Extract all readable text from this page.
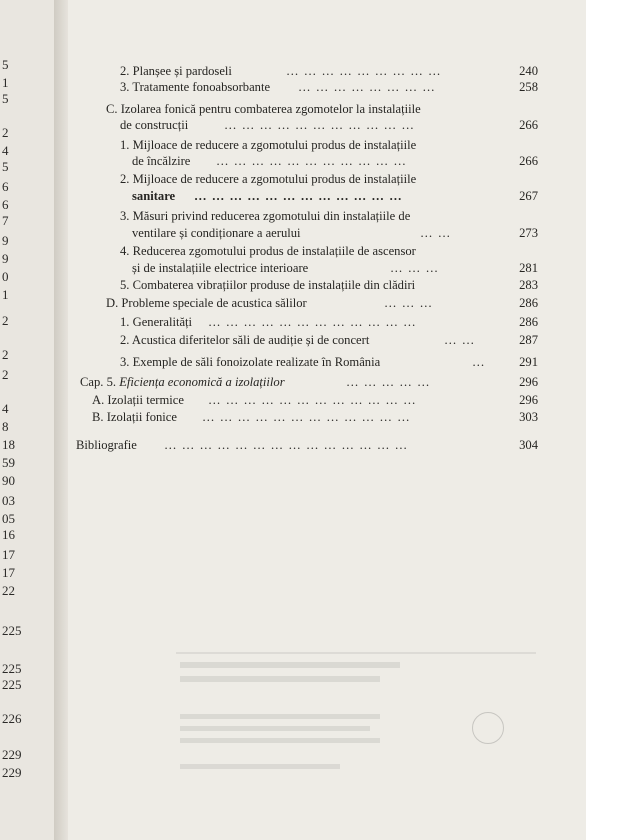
5
1
5
2
4
5
6
6
7
9
9
0
1
2
2
2
4
8
18
59
90
03
05
16
17
17
22
225
225
225
226
229
229
2. Planșee și pardoseli	… … … … … … … … …	240
3. Tratamente fonoabsorbante … … … … … … … …	258
C. Izolarea fonică pentru combaterea zgomotelor la instalațiile
de construcții	… … … … … … … … … … …	266
1. Mijloace de reducere a zgomotului produs de instalațiile
de încălzire … … … … … … … … … … …	266
2. Mijloace de reducere a zgomotului produs de instalațiile
sanitare … … … … … … … … … … … …	267
3. Măsuri privind reducerea zgomotului din instalațiile de
ventilare și condiționare a aerului	… …	273
4. Reducerea zgomotului produs de instalațiile de ascensor
și de instalațiile electrice interioare	… … …	281
5. Combaterea vibrațiilor produse de instalațiile din clădiri	283
D. Probleme speciale de acustica sălilor	… … …	286
1. Generalități … … … … … … … … … … … …	286
2. Acustica diferitelor săli de audiție și de concert	… …	287
3. Exemple de săli fonoizolate realizate în România	…	291
Cap. 5. Eficiența economică a izolațiilor	… … … … …	296
A. Izolații termice … … … … … … … … … … … …	296
B. Izolații fonice … … … … … … … … … … … …	303
Bibliografie … … … … … … … … … … … … … …	304
